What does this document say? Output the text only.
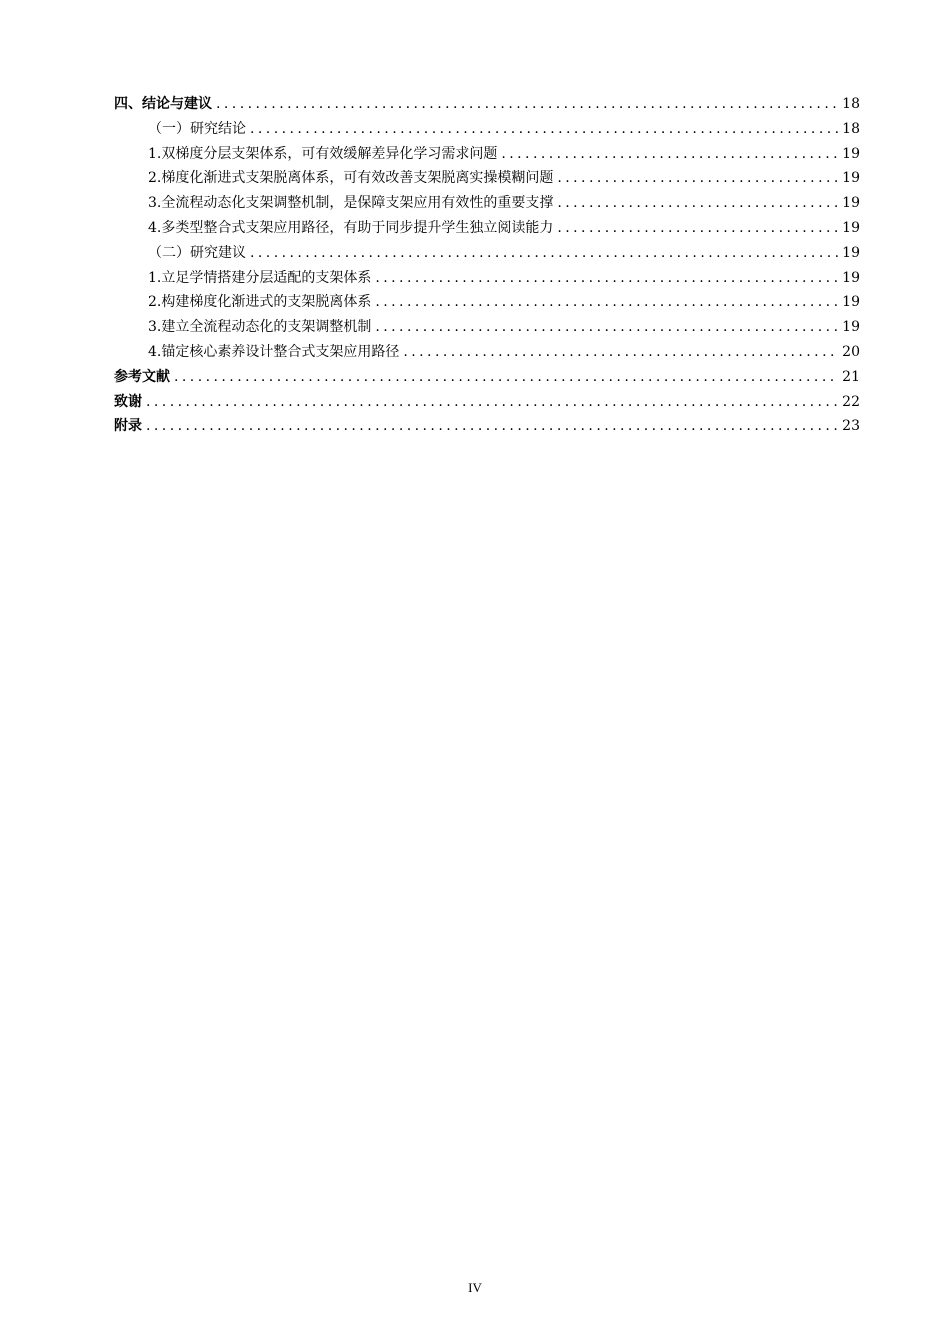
四、结论与建议 . . .	18
（一）研究结论 . . .	18
1.双梯度分层支架体系，可有效缓解差异化学习需求问题 . . .	19
2.梯度化渐进式支架脱离体系，可有效改善支架脱离实操模糊问题 . . .	19
3.全流程动态化支架调整机制，是保障支架应用有效性的重要支撑 . . .	19
4.多类型整合式支架应用路径，有助于同步提升学生独立阅读能力 . . .	19
（二）研究建议 . . .	19
1.立足学情搭建分层适配的支架体系 . . .	19
2.构建梯度化渐进式的支架脱离体系 . . .	19
3.建立全流程动态化的支架调整机制 . . .	19
4.锚定核心素养设计整合式支架应用路径 . . .	20
参考文献 . . .	21
致谢 . . .	22
附录 . . .	23
IV
